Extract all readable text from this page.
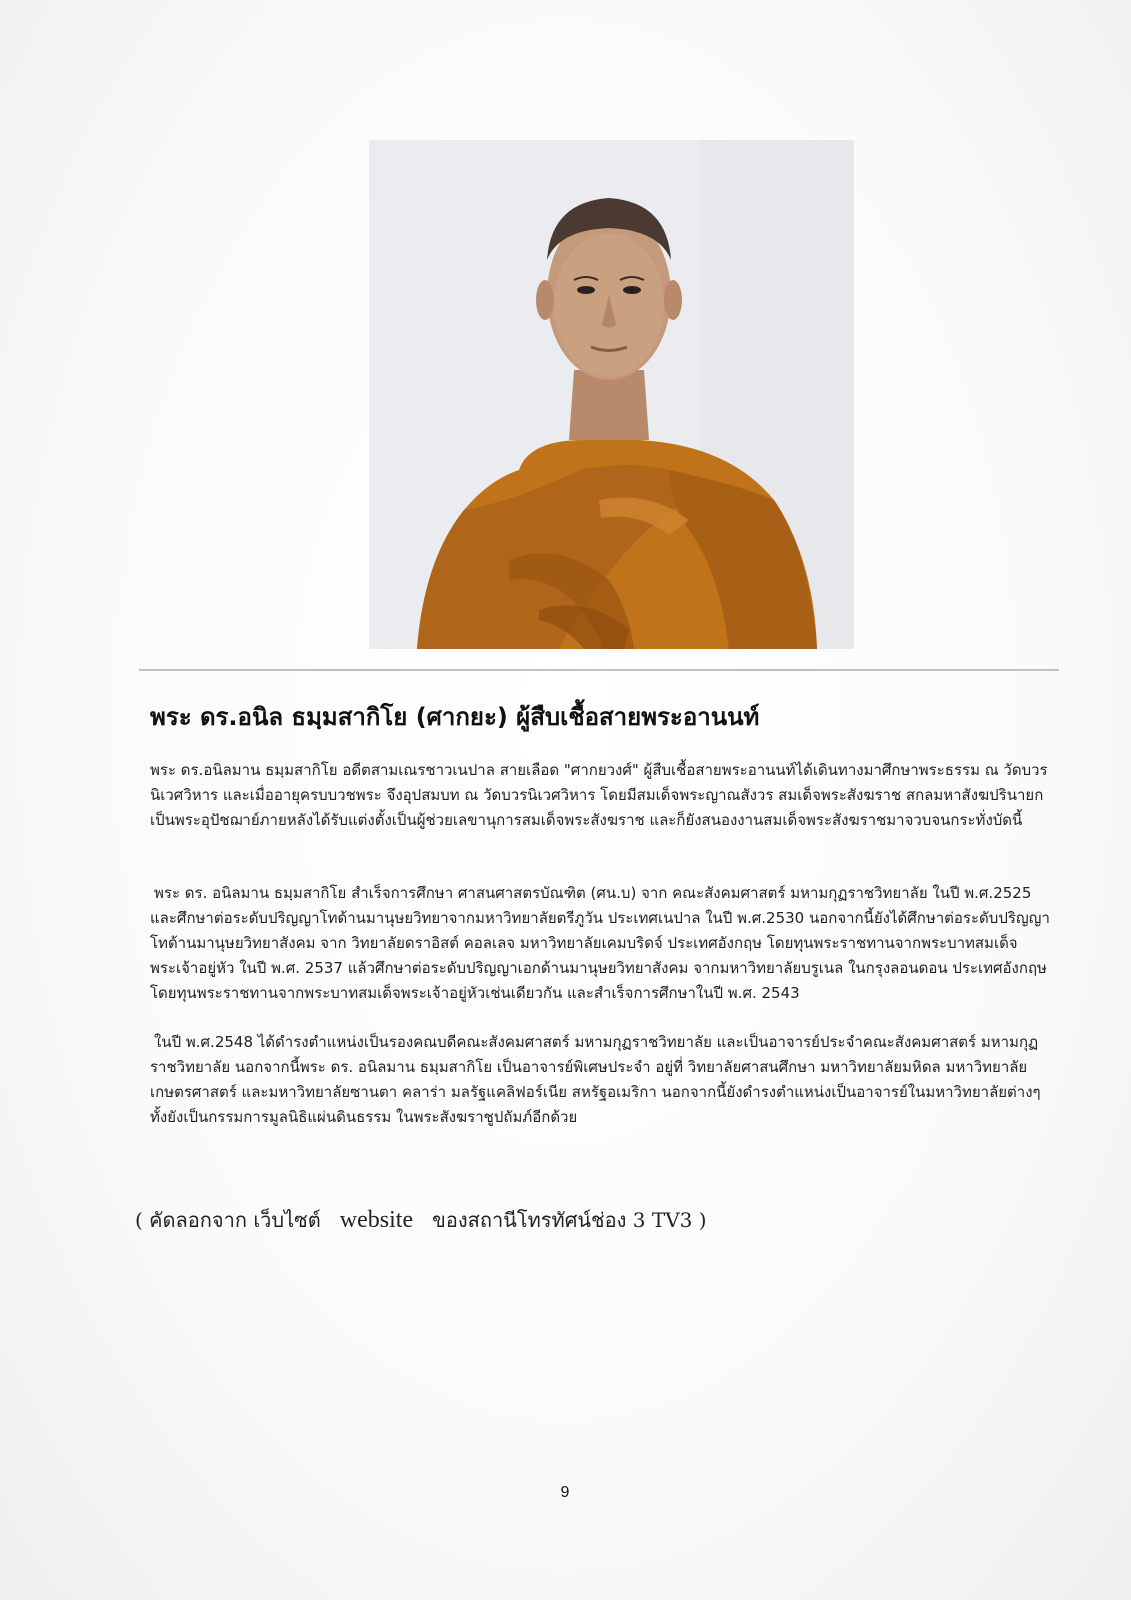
พระ ดร.อนิล ธมฺมสากิโย (ศากยะ) ผู้สืบเชื้อสายพระอานนท์

พระ ดร.อนิลมาน ธมฺมสากิโย อดีตสามเณรชาวเนปาล สายเลือด "ศากยวงศ์" ผู้สืบเชื้อสายพระอานนท์ได้เดินทางมาศึกษาพระธรรม ณ วัดบวรนิเวศวิหาร และเมื่ออายุครบบวชพระ จึงอุปสมบท ณ วัดบวรนิเวศวิหาร โดยมีสมเด็จพระญาณสังวร สมเด็จพระสังฆราช สกลมหาสังฆปรินายก เป็นพระอุปัชฌาย์ภายหลังได้รับแต่งตั้งเป็นผู้ช่วยเลขานุการสมเด็จพระสังฆราช และก็ยังสนองงานสมเด็จพระสังฆราชมาจวบจนกระทั่งบัดนี้

พระ ดร. อนิลมาน ธมฺมสากิโย สำเร็จการศึกษา ศาสนศาสตรบัณฑิต (ศน.บ) จาก คณะสังคมศาสตร์ มหามกุฏราชวิทยาลัย ในปี พ.ศ.2525 และศึกษาต่อระดับปริญญาโทด้านมานุษยวิทยาจากมหาวิทยาลัยตรีภูวัน ประเทศเนปาล ในปี พ.ศ.2530 นอกจากนี้ยังได้ศึกษาต่อระดับปริญญาโทด้านมานุษยวิทยาสังคม จาก วิทยาลัยดราอิสต์ คอลเลจ มหาวิทยาลัยเคมบริดจ์ ประเทศอังกฤษ โดยทุนพระราชทานจากพระบาทสมเด็จพระเจ้าอยู่หัว ในปี พ.ศ. 2537 แล้วศึกษาต่อระดับปริญญาเอกด้านมานุษยวิทยาสังคม จากมหาวิทยาลัยบรูเนล ในกรุงลอนดอน ประเทศอังกฤษ โดยทุนพระราชทานจากพระบาทสมเด็จพระเจ้าอยู่หัวเช่นเดียวกัน และสำเร็จการศึกษาในปี พ.ศ. 2543

ในปี พ.ศ.2548 ได้ดำรงตำแหน่งเป็นรองคณบดีคณะสังคมศาสตร์ มหามกุฏราชวิทยาลัย และเป็นอาจารย์ประจำคณะสังคมศาสตร์ มหามกุฏราชวิทยาลัย นอกจากนี้พระ ดร. อนิลมาน ธมฺมสากิโย เป็นอาจารย์พิเศษประจำ อยู่ที่ วิทยาลัยศาสนศึกษา มหาวิทยาลัยมหิดล มหาวิทยาลัยเกษตรศาสตร์ และมหาวิทยาลัยซานตา คลาร่า มลรัฐแคลิฟอร์เนีย สหรัฐอเมริกา นอกจากนี้ยังดำรงตำแหน่งเป็นอาจารย์ในมหาวิทยาลัยต่างๆ ทั้งยังเป็นกรรมการมูลนิธิแผ่นดินธรรม ในพระสังฆราชูปถัมภ์อีกด้วย

( คัดลอกจาก เว็บไซต์ website ของสถานีโทรทัศน์ช่อง 3 TV3 )
9
